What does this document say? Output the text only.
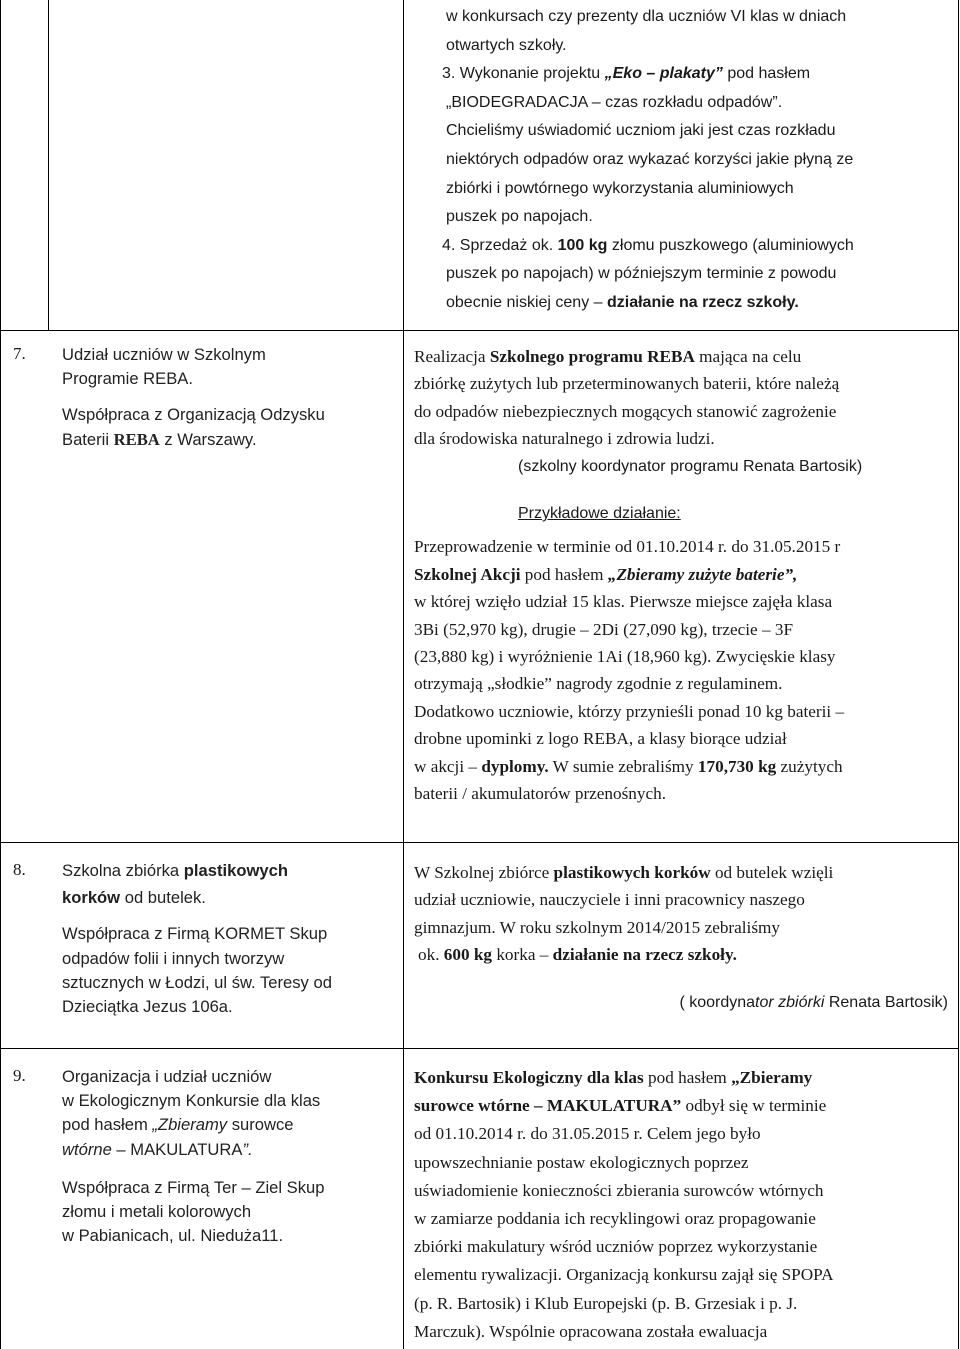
w konkursach czy prezenty dla uczniów VI klas w dniach

otwartych szkoły.

3. Wykonanie projektu „Eko – plakaty” pod hasłem

„BIODEGRADACJA – czas rozkładu odpadów”.

Chcieliśmy uświadomić uczniom jaki jest czas rozkładu

niektórych odpadów oraz wykazać korzyści jakie płyną ze

zbiórki i powtórnego wykorzystania aluminiowych

puszek po napojach.

4. Sprzedaż ok. 100 kg złomu puszkowego (aluminiowych

puszek po napojach) w późniejszym terminie z powodu

obecnie niskiej ceny – działanie na rzecz szkoły.

7. Udział uczniów w Szkolnym

Programie REBA.

Współpraca z Organizacją Odzysku

Baterii REBA z Warszawy.

Realizacja Szkolnego programu REBA mająca na celu

zbiórkę zużytych lub przeterminowanych baterii, które należą

do odpadów niebezpiecznych mogących stanowić zagrożenie

dla środowiska naturalnego i zdrowia ludzi.

(szkolny koordynator programu Renata Bartosik)

Przykładowe działanie:

Przeprowadzenie w terminie od 01.10.2014 r. do 31.05.2015 r

Szkolnej Akcji pod hasłem „Zbieramy zużyte baterie”,

w której wzięło udział 15 klas. Pierwsze miejsce zajęła klasa

3Bi (52,970 kg), drugie – 2Di (27,090 kg), trzecie – 3F

(23,880 kg) i wyróżnienie 1Ai (18,960 kg). Zwycięskie klasy

otrzymają „słodkie” nagrody zgodnie z regulaminem.

Dodatkowo uczniowie, którzy przynieśli ponad 10 kg baterii –

drobne upominki z logo REBA, a klasy biorące udział

w akcji – dyplomy. W sumie zebraliśmy 170,730 kg zużytych

baterii / akumulatorów przenośnych.

8. Szkolna zbiórka plastikowych

korków od butelek.

Współpraca z Firmą KORMET Skup

odpadów folii i innych tworzyw

sztucznych w Łodzi, ul św. Teresy od

Dzieciątka Jezus 106a.

W Szkolnej zbiórce plastikowych korków od butelek wzięli

udział uczniowie, nauczyciele i inni pracownicy naszego

gimnazjum. W roku szkolnym 2014/2015 zebraliśmy

ok. 600 kg korka – działanie na rzecz szkoły.

( koordynator zbiórki Renata Bartosik)

9. Organizacja i udział uczniów

w Ekologicznym Konkursie dla klas

pod hasłem „Zbieramy surowce

wtórne – MAKULATURA”.

Współpraca z Firmą Ter – Ziel Skup

złomu i metali kolorowych

w Pabianicach, ul. Nieduża11.

Konkursu Ekologiczny dla klas pod hasłem „Zbieramy

surowce wtórne – MAKULATURA” odbył się w terminie

od 01.10.2014 r. do 31.05.2015 r. Celem jego było

upowszechnianie postaw ekologicznych poprzez

uświadomienie konieczności zbierania surowców wtórnych

w zamiarze poddania ich recyklingowi oraz propagowanie

zbiórki makulatury wśród uczniów poprzez wykorzystanie

elementu rywalizacji. Organizacją konkursu zajął się SPOPA

(p. R. Bartosik) i Klub Europejski (p. B. Grzesiak i p. J.

Marczuk). Wspólnie opracowana została ewaluacja
